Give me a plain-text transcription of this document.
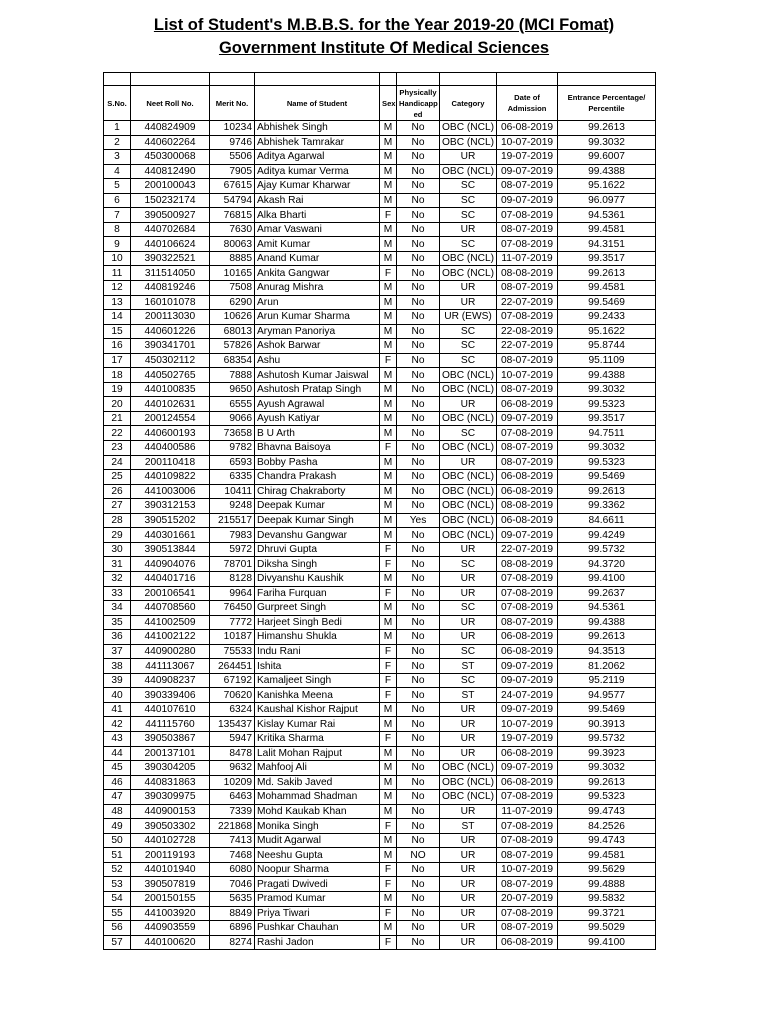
List of Student's M.B.B.S. for the Year 2019-20 (MCI Fomat)
Government Institute Of Medical Sciences

S.No.	Neet Roll No.	Merit No.	Name of Student	Sex	Physically Handicapp ed	Category	Date of Admission	Entrance Percentage/ Percentile
1	440824909	10234	Abhishek Singh	M	No	OBC (NCL)	06-08-2019	99.2613
2	440602264	9746	Abhishek Tamrakar	M	No	OBC (NCL)	10-07-2019	99.3032
3	450300068	5506	Aditya Agarwal	M	No	UR	19-07-2019	99.6007
4	440812490	7905	Aditya kumar Verma	M	No	OBC (NCL)	09-07-2019	99.4388
5	200100043	67615	Ajay Kumar Kharwar	M	No	SC	08-07-2019	95.1622
6	150232174	54794	Akash Rai	M	No	SC	09-07-2019	96.0977
7	390500927	76815	Alka Bharti	F	No	SC	07-08-2019	94.5361
8	440702684	7630	Amar Vaswani	M	No	UR	08-07-2019	99.4581
9	440106624	80063	Amit Kumar	M	No	SC	07-08-2019	94.3151
10	390322521	8885	Anand Kumar	M	No	OBC (NCL)	11-07-2019	99.3517
11	311514050	10165	Ankita Gangwar	F	No	OBC (NCL)	08-08-2019	99.2613
12	440819246	7508	Anurag Mishra	M	No	UR	08-07-2019	99.4581
13	160101078	6290	Arun	M	No	UR	22-07-2019	99.5469
14	200113030	10626	Arun Kumar Sharma	M	No	UR (EWS)	07-08-2019	99.2433
15	440601226	68013	Aryman Panoriya	M	No	SC	22-08-2019	95.1622
16	390341701	57826	Ashok Barwar	M	No	SC	22-07-2019	95.8744
17	450302112	68354	Ashu	F	No	SC	08-07-2019	95.1109
18	440502765	7888	Ashutosh Kumar Jaiswal	M	No	OBC (NCL)	10-07-2019	99.4388
19	440100835	9650	Ashutosh Pratap Singh	M	No	OBC (NCL)	08-07-2019	99.3032
20	440102631	6555	Ayush Agrawal	M	No	UR	06-08-2019	99.5323
21	200124554	9066	Ayush Katiyar	M	No	OBC (NCL)	09-07-2019	99.3517
22	440600193	73658	B U Arth	M	No	SC	07-08-2019	94.7511
23	440400586	9782	Bhavna Baisoya	F	No	OBC (NCL)	08-07-2019	99.3032
24	200110418	6593	Bobby Pasha	M	No	UR	08-07-2019	99.5323
25	440109822	6335	Chandra Prakash	M	No	OBC (NCL)	06-08-2019	99.5469
26	441003006	10411	Chirag Chakraborty	M	No	OBC (NCL)	06-08-2019	99.2613
27	390312153	9248	Deepak Kumar	M	No	OBC (NCL)	08-08-2019	99.3362
28	390515202	215517	Deepak Kumar Singh	M	Yes	OBC (NCL)	06-08-2019	84.6611
29	440301661	7983	Devanshu Gangwar	M	No	OBC (NCL)	09-07-2019	99.4249
30	390513844	5972	Dhruvi Gupta	F	No	UR	22-07-2019	99.5732
31	440904076	78701	Diksha Singh	F	No	SC	08-08-2019	94.3720
32	440401716	8128	Divyanshu Kaushik	M	No	UR	07-08-2019	99.4100
33	200106541	9964	Fariha Furquan	F	No	UR	07-08-2019	99.2637
34	440708560	76450	Gurpreet Singh	M	No	SC	07-08-2019	94.5361
35	441002509	7772	Harjeet Singh Bedi	M	No	UR	08-07-2019	99.4388
36	441002122	10187	Himanshu Shukla	M	No	UR	06-08-2019	99.2613
37	440900280	75533	Indu Rani	F	No	SC	06-08-2019	94.3513
38	441113067	264451	Ishita	F	No	ST	09-07-2019	81.2062
39	440908237	67192	Kamaljeet Singh	F	No	SC	09-07-2019	95.2119
40	390339406	70620	Kanishka Meena	F	No	ST	24-07-2019	94.9577
41	440107610	6324	Kaushal Kishor Rajput	M	No	UR	09-07-2019	99.5469
42	441115760	135437	Kislay Kumar Rai	M	No	UR	10-07-2019	90.3913
43	390503867	5947	Kritika Sharma	F	No	UR	19-07-2019	99.5732
44	200137101	8478	Lalit Mohan Rajput	M	No	UR	06-08-2019	99.3923
45	390304205	9632	Mahfooj Ali	M	No	OBC (NCL)	09-07-2019	99.3032
46	440831863	10209	Md. Sakib Javed	M	No	OBC (NCL)	06-08-2019	99.2613
47	390309975	6463	Mohammad Shadman	M	No	OBC (NCL)	07-08-2019	99.5323
48	440900153	7339	Mohd Kaukab Khan	M	No	UR	11-07-2019	99.4743
49	390503302	221868	Monika Singh	F	No	ST	07-08-2019	84.2526
50	440102728	7413	Mudit Agarwal	M	No	UR	07-08-2019	99.4743
51	200119193	7468	Neeshu Gupta	M	NO	UR	08-07-2019	99.4581
52	440101940	6080	Noopur Sharma	F	No	UR	10-07-2019	99.5629
53	390507819	7046	Pragati Dwivedi	F	No	UR	08-07-2019	99.4888
54	200150155	5635	Pramod Kumar	M	No	UR	20-07-2019	99.5832
55	441003920	8849	Priya Tiwari	F	No	UR	07-08-2019	99.3721
56	440903559	6896	Pushkar Chauhan	M	No	UR	08-07-2019	99.5029
57	440100620	8274	Rashi Jadon	F	No	UR	06-08-2019	99.4100
